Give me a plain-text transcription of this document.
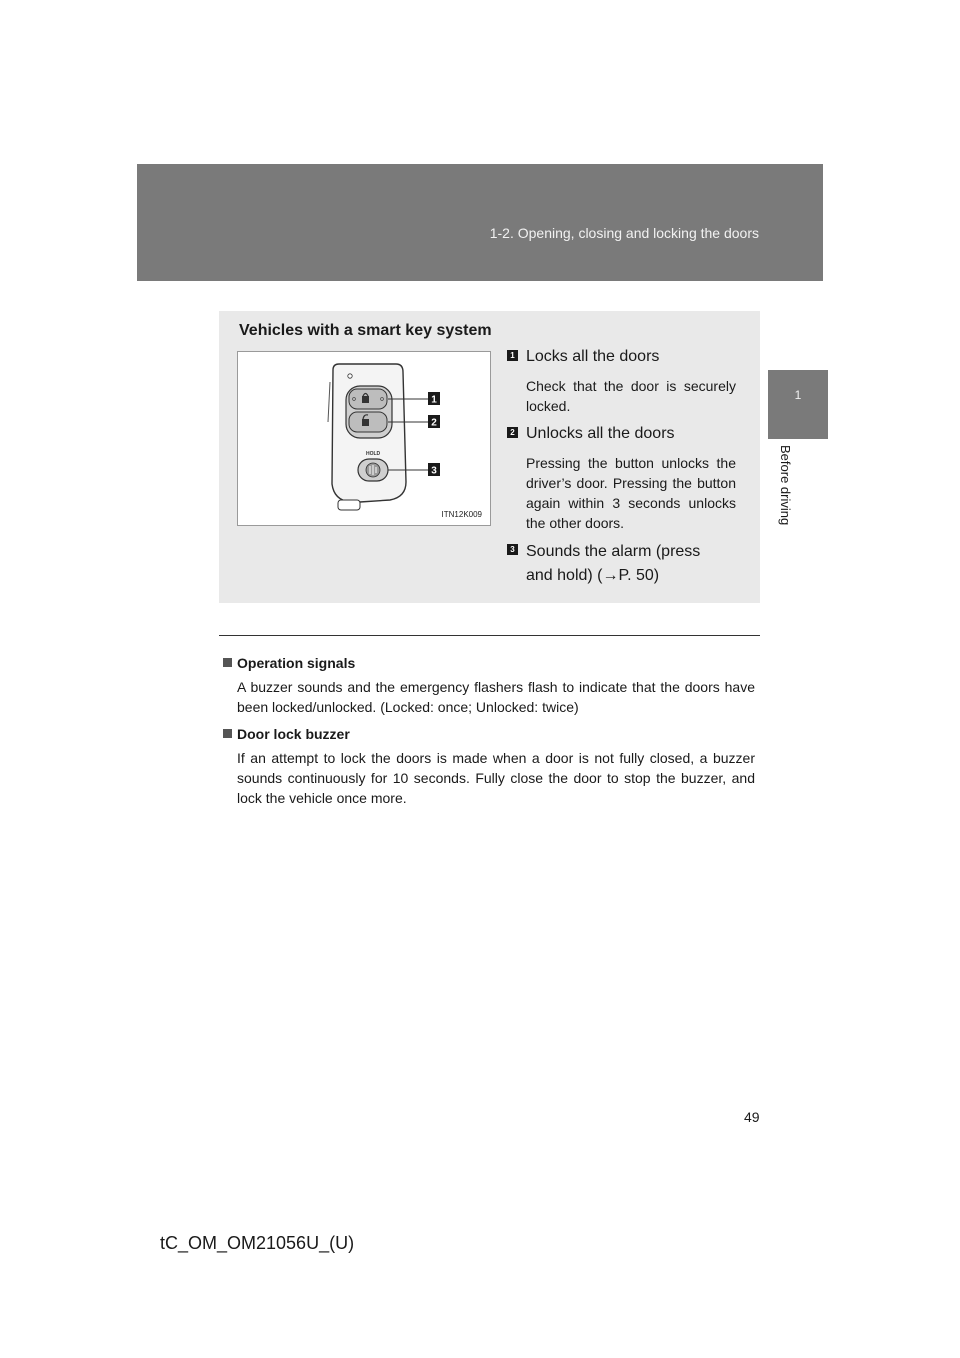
1-2. Opening, closing and locking the doors
1
Before driving
Vehicles with a smart key system
HOLD
1
2
3
ITN12K009
1 Locks all the doors
Check that the door is securely locked.
2 Unlocks all the doors
Pressing the button unlocks the driver’s door. Pressing the button again within 3 seconds unlocks the other doors.
3 Sounds the alarm (press and hold) (→P. 50)
Operation signals
A buzzer sounds and the emergency flashers flash to indicate that the doors have been locked/unlocked. (Locked: once; Unlocked: twice)
Door lock buzzer
If an attempt to lock the doors is made when a door is not fully closed, a buzzer sounds continuously for 10 seconds. Fully close the door to stop the buzzer, and lock the vehicle once more.
49
tC_OM_OM21056U_(U)
